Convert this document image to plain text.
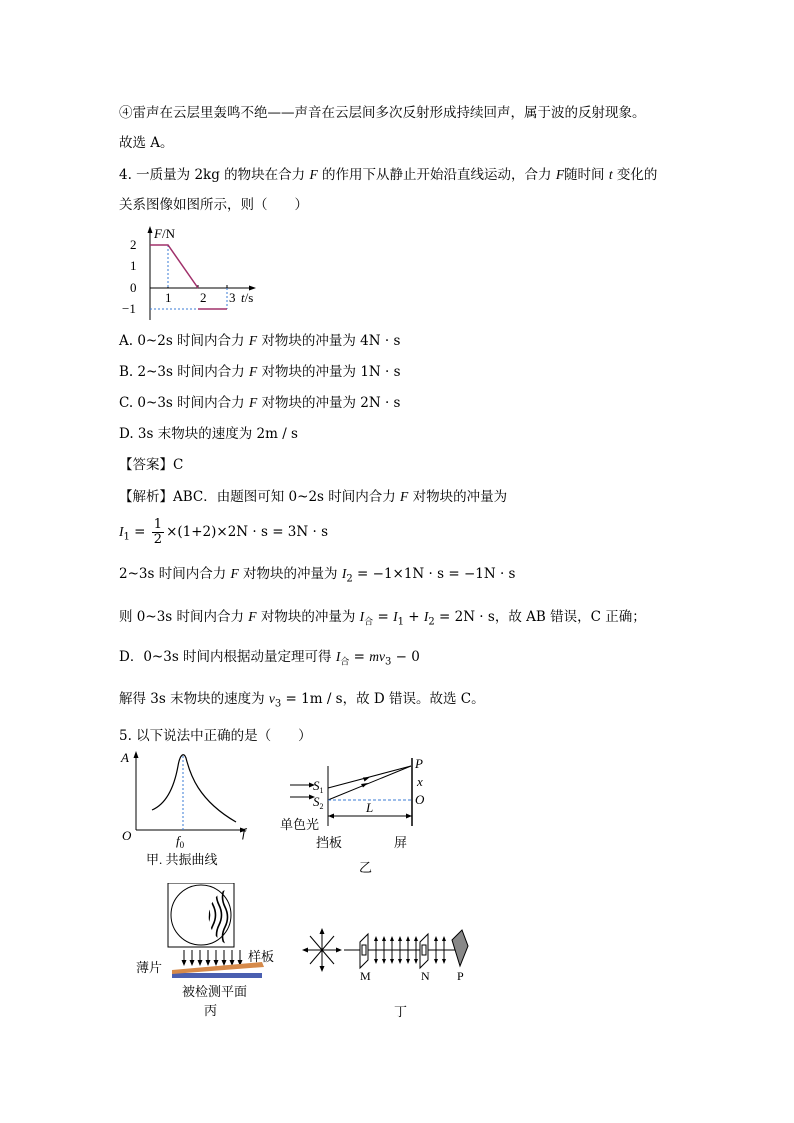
④雷声在云层里轰鸣不绝——声音在云层间多次反射形成持续回声，属于波的反射现象。
故选 A。
4. 一质量为 2kg 的物块在合力 F 的作用下从静止开始沿直线运动，合力 F随时间 t 变化的
关系图像如图所示，则（　　）
F/N
2
1
0
−1
1 2 3 t/s
A. 0~2s 时间内合力 F 对物块的冲量为 4N · s
B. 2~3s 时间内合力 F 对物块的冲量为 1N · s
C. 0~3s 时间内合力 F 对物块的冲量为 2N · s
D. 3s 末物块的速度为 2m / s
【答案】C
【解析】ABC．由题图可知 0~2s 时间内合力 F 对物块的冲量为
$I_1 = \frac{1}{2} \times(1+2)\times 2N \cdot s = 3N \cdot s$
2~3s 时间内合力 F 对物块的冲量为 $I_2 = -1\times 1N \cdot s = -1N \cdot s$
则 0~3s 时间内合力 F 对物块的冲量为 $I_合 = I_1 + I_2 = 2N \cdot s$，故 AB 错误，C 正确；
D．0~3s 时间内根据动量定理可得 $I_合 = mv_3 - 0$
解得 3s 末物块的速度为 $v_3 = 1m / s$，故 D 错误。故选 C。
5. 以下说法中正确的是（　　）
A
O	$f_0$
f
甲. 共振曲线
L
P
x
O
$S_1$
$S_2$
单色光
挡板	屏
乙
薄片
样板
被检测平面
丙
M	N P
丁
